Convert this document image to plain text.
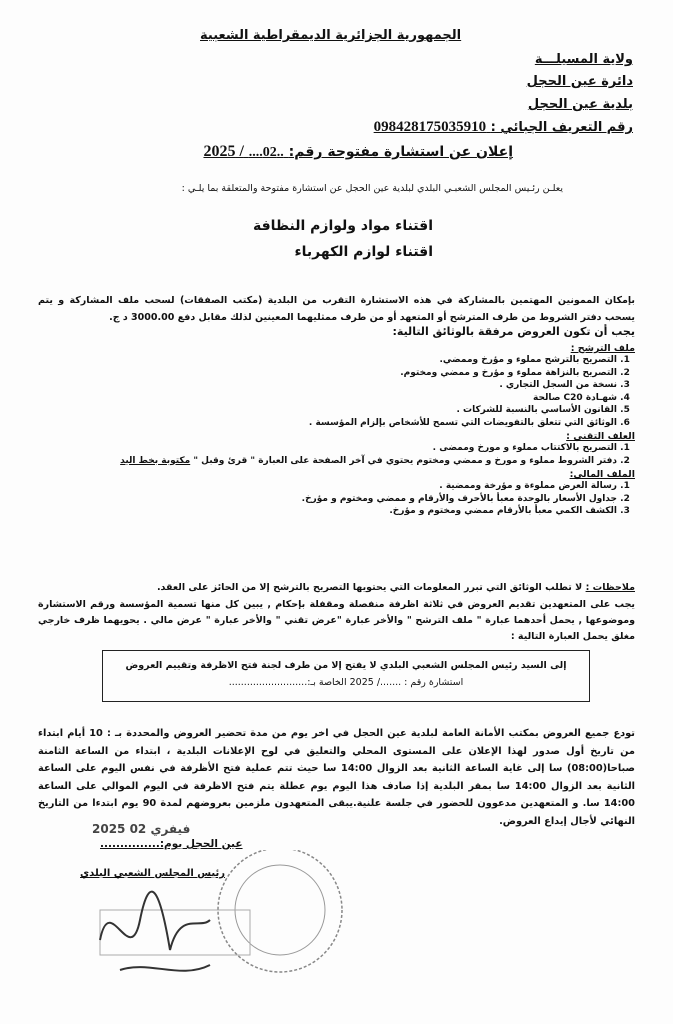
الجمهورية الجزائرية الديمقراطية الشعبية
ولاية المسيلـــة
دائرة عين الحجل
بلدية عين الحجل
رقم التعريف الجبائي : 098428175035910
إعلان عن استشارة مفتوحة رقم: ..02.... / 2025
يعلـن رئـيس المجلس الشعبـي البلدي لبلدية عين الحجل عن استشارة مفتوحة والمتعلقة بما يلـي :
اقتناء مواد ولوازم النظافة
اقتناء لوازم الكهرباء
بإمكان الممونين المهتمين بالمشاركة في هذه الاستشارة التقرب من البلدية (مكتب الصفقات) لسحب ملف المشاركة و يتم يسحب دفتر الشروط من طرف المترشح أو المتعهد أو من طرف ممثليهما المعينين لذلك مقابل دفع 3000.00 د ج.
يجب أن تكون العروض مرفقة بالوثائق التالية:
ملف الترشح :
1. التصريح بالترشح مملوء و مؤرخ وممضي.
2. التصريح بالنزاهة مملوء و مؤرخ و ممضي ومختوم.
3. نسخة من السجل التجاري .
4. شهـادة C20 صالحة
5. القانون الأساسي بالنسبة للشركات .
6. الوثائق التي تتعلق بالتفويضات التي تسمح للأشخاص بإلزام المؤسسة .
العلف التقني :
1. التصريح بالاكتتاب مملوء و مورخ وممضى .
2. دفتر الشروط مملوء و مورخ و ممضي ومختوم يحتوي في آخر الصفحة على العبارة " قرئ وقبل " مكتوبة بخط اليد
الملف المالي:
1. رسالة العرض مملوءة و مؤرخة وممضية .
2. جداول الأسعار بالوحدة معبأ بالأحرف والأرقام و ممضي ومختوم و مؤرخ.
3. الكشف الكمي معبأ بالأرقام ممضي ومختوم و مؤرخ.
ملاحظات : لا تطلب الوثائق التي تبرر المعلومات التي يحتويها التصريح بالترشح إلا من الحائز على العقد.
يجب على المتعهدين تقديم العروض في ثلاثة اظرفة منفصلة ومقفلة بإحكام , يبين كل منها تسمية المؤسسة ورقم الاستشارة وموضوعها , يحمل أحدهما عبارة " ملف الترشح " والأخر عبارة "عرض تقني " والأخر عبارة " عرض مالي . يحويهما ظرف خارجي مغلق يحمل العبارة التالية :
إلى السيد رئيس المجلس الشعبي البلدي لا يفتح إلا من طرف لجنة فتح الاظرفة وتقييم العروض
استشارة رقم : ......./ 2025 الخاصة بـ:..........................
تودع جميع العروض بمكتب الأمانة العامة لبلدية عين الحجل في اخر يوم من مدة تحضير العروض والمحددة بـ : 10 أيام ابتداء من تاريخ أول صدور لهذا الإعلان على المستوى المحلي والتعليق في لوح الإعلانات البلدية ، ابتداء من الساعة الثامنة صباحا(08:00) سا إلى غاية الساعة الثانية بعد الزوال 14:00 سا حيث تتم عملية فتح الأظرفة في نفس اليوم على الساعة الثانية بعد الزوال 14:00 سا بمقر البلدية إذا صادف هذا اليوم يوم عطلة يتم فتح الاظرفة في اليوم الموالي على الساعة 14:00 سا. و المتعهدين مدعوون للحضور في جلسة علنية.يبقى المتعهدون ملزمين بعروضهم لمدة 90 يوم ابتدءا من التاريخ النهائي لأجال إيداع العروض.
2025 فيفري 02
عين الحجل يوم:...............
رئيس المجلس الشعبي البلدي
